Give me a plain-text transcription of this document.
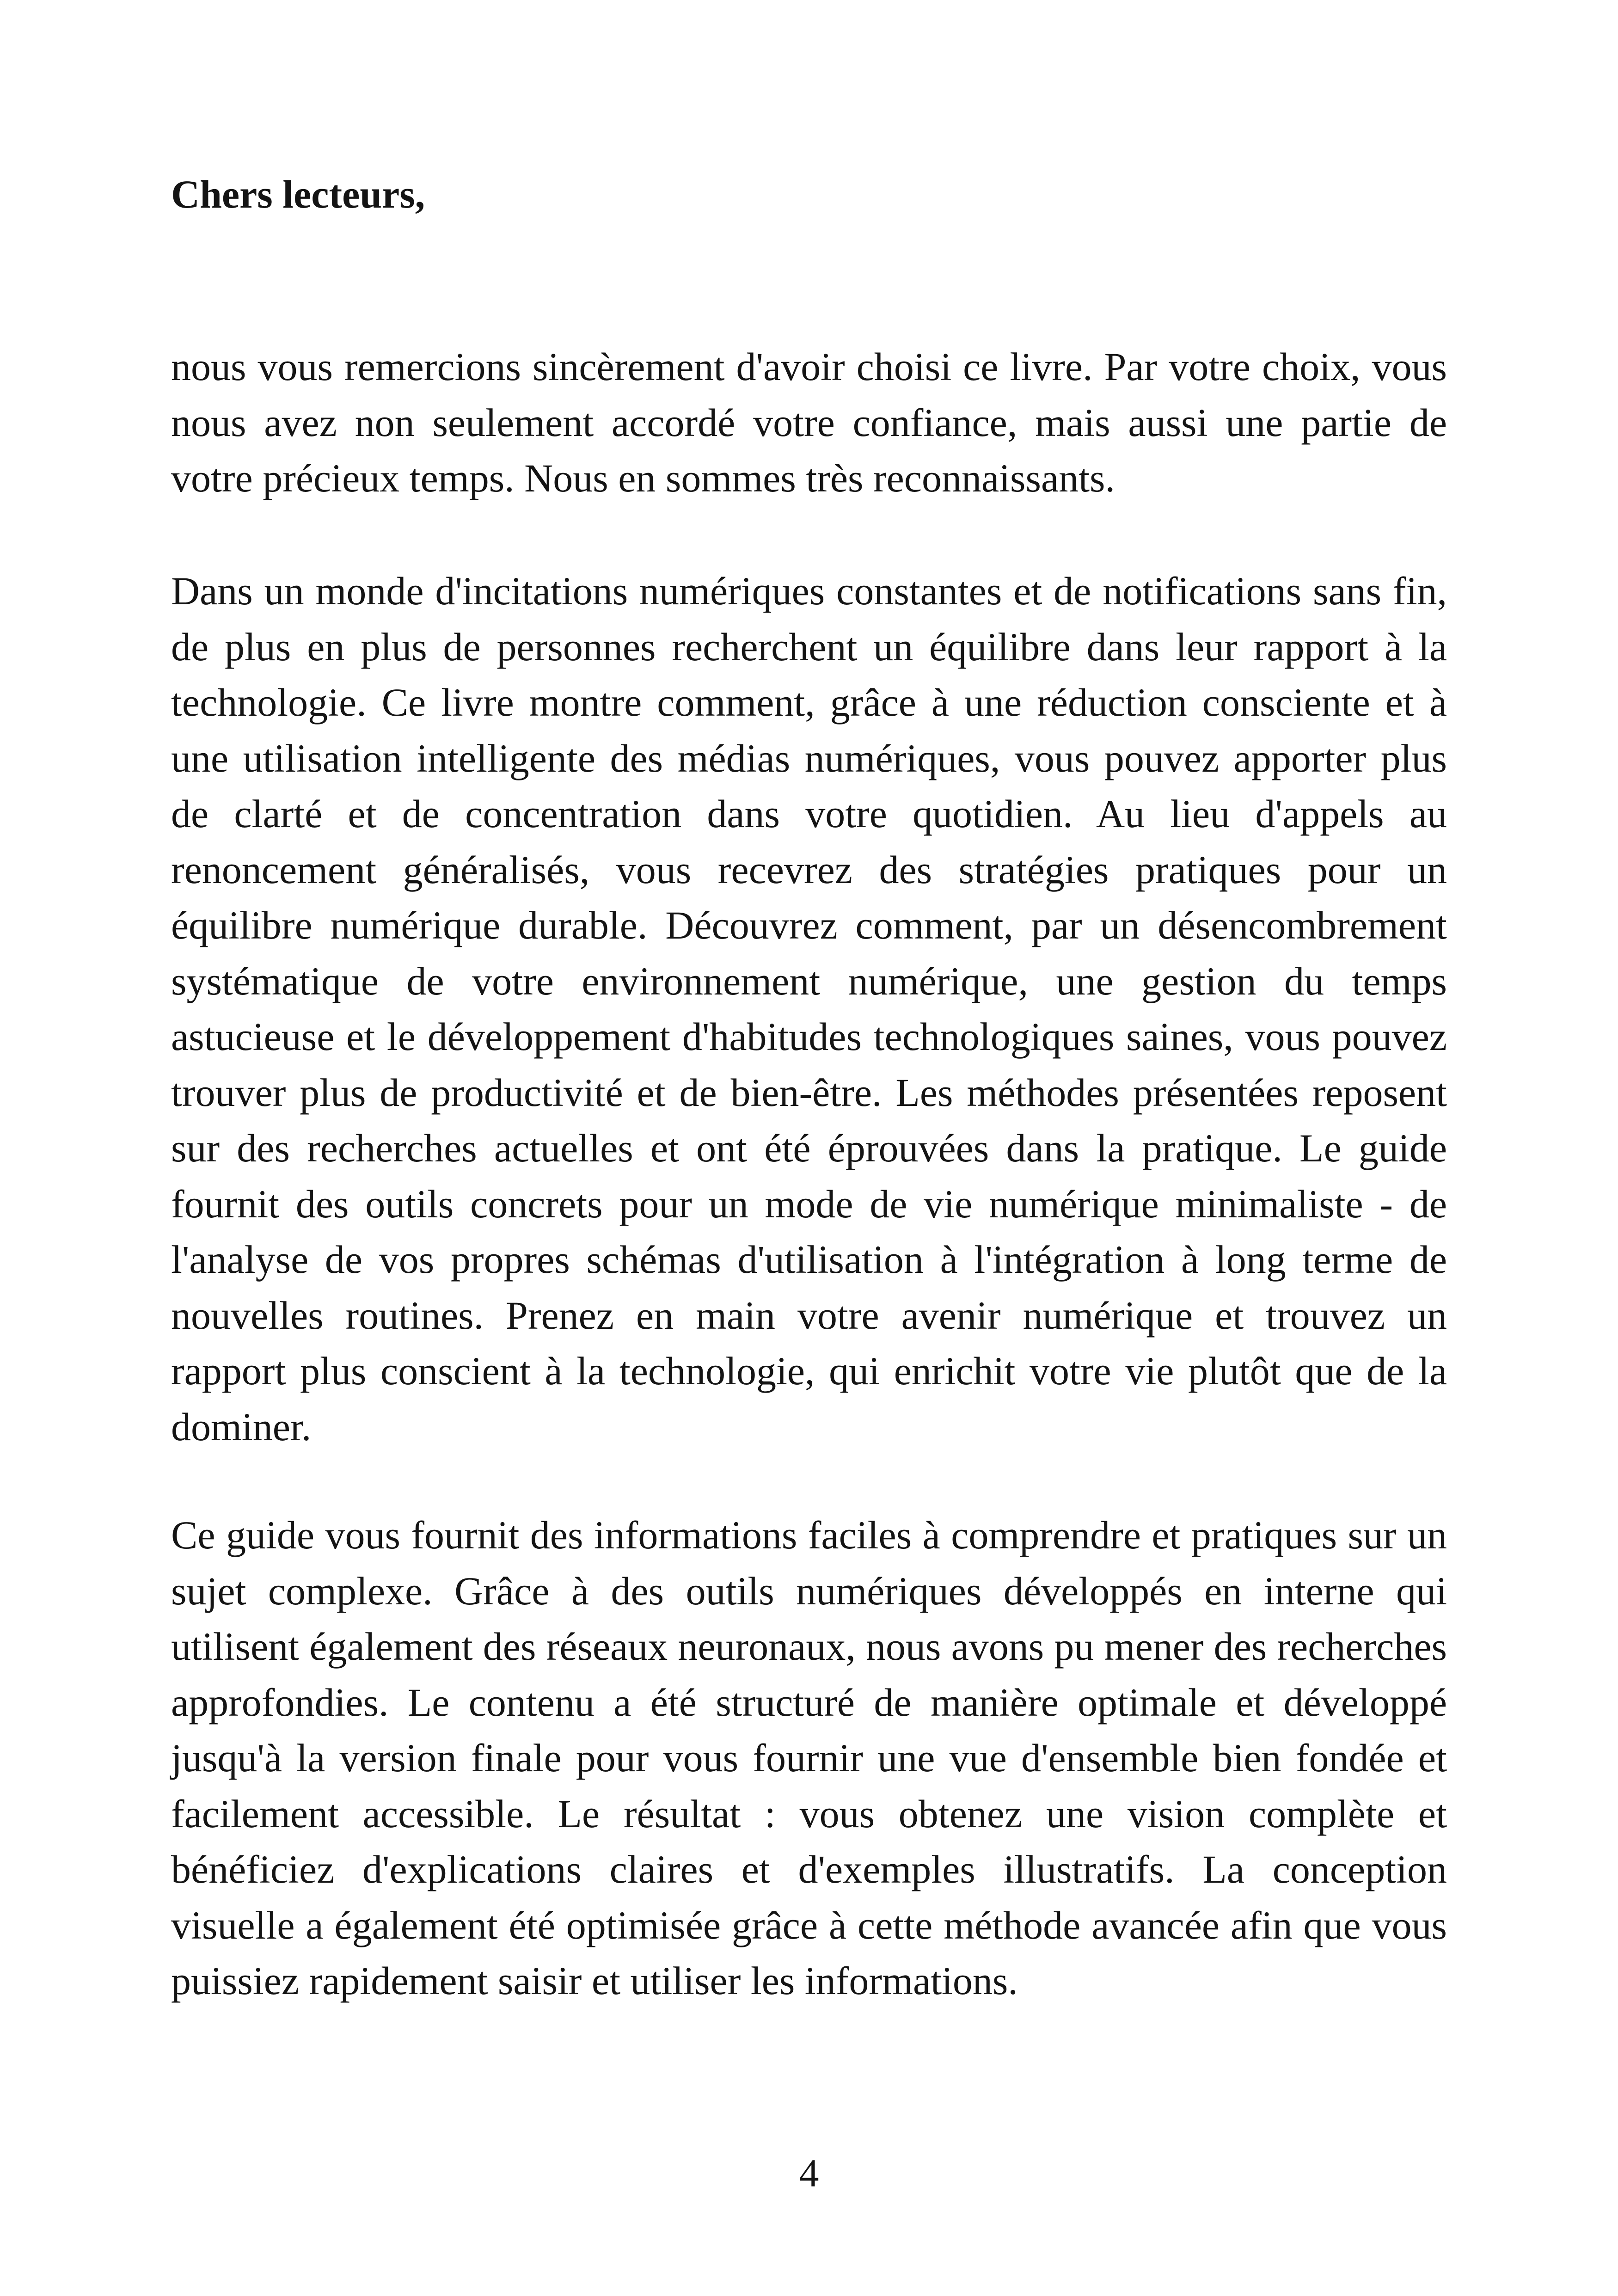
Chers lecteurs,

nous vous remercions sincèrement d'avoir choisi ce livre. Par votre choix, vous nous avez non seulement accordé votre confiance, mais aussi une partie de votre précieux temps. Nous en sommes très reconnaissants.

Dans un monde d'incitations numériques constantes et de notifications sans fin, de plus en plus de personnes recherchent un équilibre dans leur rapport à la technologie. Ce livre montre comment, grâce à une réduction consciente et à une utilisation intelligente des médias numériques, vous pouvez apporter plus de clarté et de concentration dans votre quotidien. Au lieu d'appels au renoncement généralisés, vous recevrez des stratégies pratiques pour un équilibre numérique durable. Découvrez comment, par un désencombrement systématique de votre environnement numérique, une gestion du temps astucieuse et le développement d'habitudes technologiques saines, vous pouvez trouver plus de productivité et de bien-être. Les méthodes présentées reposent sur des recherches actuelles et ont été éprouvées dans la pratique. Le guide fournit des outils concrets pour un mode de vie numérique minimaliste - de l'analyse de vos propres schémas d'utilisation à l'intégration à long terme de nouvelles routines. Prenez en main votre avenir numérique et trouvez un rapport plus conscient à la technologie, qui enrichit votre vie plutôt que de la dominer.

Ce guide vous fournit des informations faciles à comprendre et pratiques sur un sujet complexe. Grâce à des outils numériques développés en interne qui utilisent également des réseaux neuronaux, nous avons pu mener des recherches approfondies. Le contenu a été structuré de manière optimale et développé jusqu'à la version finale pour vous fournir une vue d'ensemble bien fondée et facilement accessible. Le résultat : vous obtenez une vision complète et bénéficiez d'explications claires et d'exemples illustratifs. La conception visuelle a également été optimisée grâce à cette méthode avancée afin que vous puissiez rapidement saisir et utiliser les informations.

4
